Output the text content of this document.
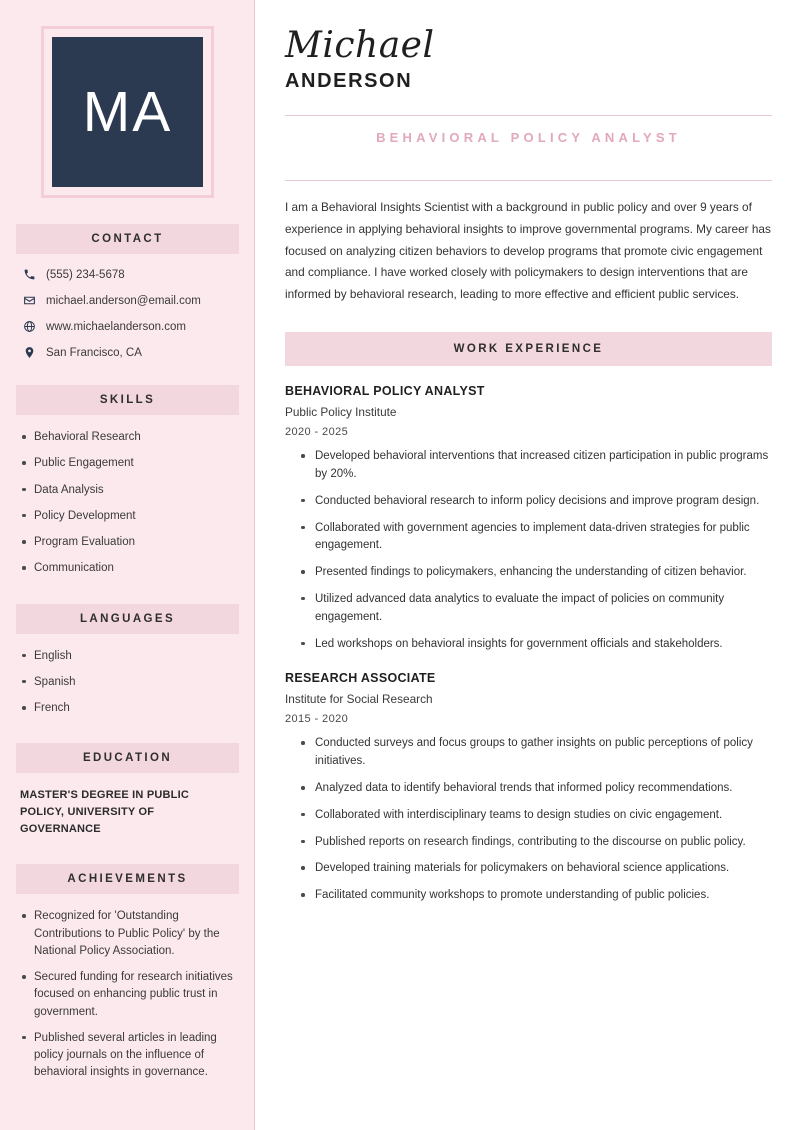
MA
CONTACT
(555) 234-5678
michael.anderson@email.com
www.michaelanderson.com
San Francisco, CA
SKILLS
Behavioral Research
Public Engagement
Data Analysis
Policy Development
Program Evaluation
Communication
LANGUAGES
English
Spanish
French
EDUCATION
MASTER'S DEGREE IN PUBLIC POLICY, UNIVERSITY OF GOVERNANCE
ACHIEVEMENTS
Recognized for 'Outstanding Contributions to Public Policy' by the National Policy Association.
Secured funding for research initiatives focused on enhancing public trust in government.
Published several articles in leading policy journals on the influence of behavioral insights in governance.
Michael
ANDERSON
BEHAVIORAL POLICY ANALYST

I am a Behavioral Insights Scientist with a background in public policy and over 9 years of experience in applying behavioral insights to improve governmental programs. My career has focused on analyzing citizen behaviors to develop programs that promote civic engagement and compliance. I have worked closely with policymakers to design interventions that are informed by behavioral research, leading to more effective and efficient public services.

WORK EXPERIENCE
BEHAVIORAL POLICY ANALYST
Public Policy Institute
2020 - 2025
Developed behavioral interventions that increased citizen participation in public programs by 20%.
Conducted behavioral research to inform policy decisions and improve program design.
Collaborated with government agencies to implement data-driven strategies for public engagement.
Presented findings to policymakers, enhancing the understanding of citizen behavior.
Utilized advanced data analytics to evaluate the impact of policies on community engagement.
Led workshops on behavioral insights for government officials and stakeholders.
RESEARCH ASSOCIATE
Institute for Social Research
2015 - 2020
Conducted surveys and focus groups to gather insights on public perceptions of policy initiatives.
Analyzed data to identify behavioral trends that informed policy recommendations.
Collaborated with interdisciplinary teams to design studies on civic engagement.
Published reports on research findings, contributing to the discourse on public policy.
Developed training materials for policymakers on behavioral science applications.
Facilitated community workshops to promote understanding of public policies.
